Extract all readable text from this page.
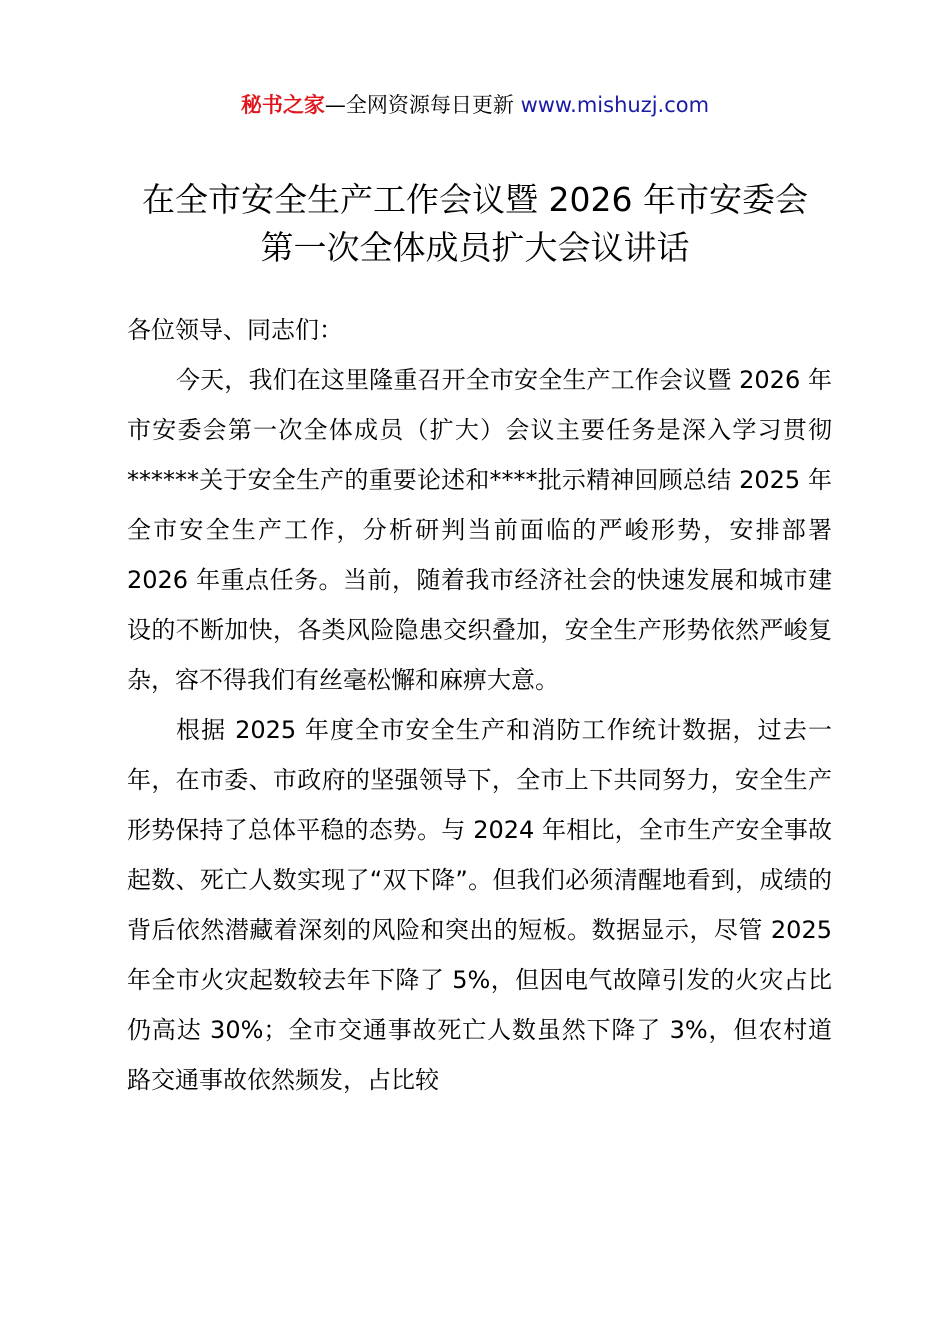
秘书之家—全网资源每日更新 www.mishuzj.com
在全市安全生产工作会议暨 2026 年市安委会
第一次全体成员扩大会议讲话

各位领导、同志们：

今天，我们在这里隆重召开全市安全生产工作会议暨 2026 年市安委会第一次全体成员（扩大）会议主要任务是深入学习贯彻******关于安全生产的重要论述和****批示精神回顾总结 2025 年全市安全生产工作，分析研判当前面临的严峻形势，安排部署 2026 年重点任务。当前，随着我市经济社会的快速发展和城市建设的不断加快，各类风险隐患交织叠加，安全生产形势依然严峻复杂，容不得我们有丝毫松懈和麻痹大意。

根据 2025 年度全市安全生产和消防工作统计数据，过去一年，在市委、市政府的坚强领导下，全市上下共同努力，安全生产形势保持了总体平稳的态势。与 2024 年相比，全市生产安全事故起数、死亡人数实现了“双下降”。但我们必须清醒地看到，成绩的背后依然潜藏着深刻的风险和突出的短板。数据显示，尽管 2025 年全市火灾起数较去年下降了 5%，但因电气故障引发的火灾占比仍高达 30%；全市交通事故死亡人数虽然下降了 3%，但农村道路交通事故依然频发，占比较
